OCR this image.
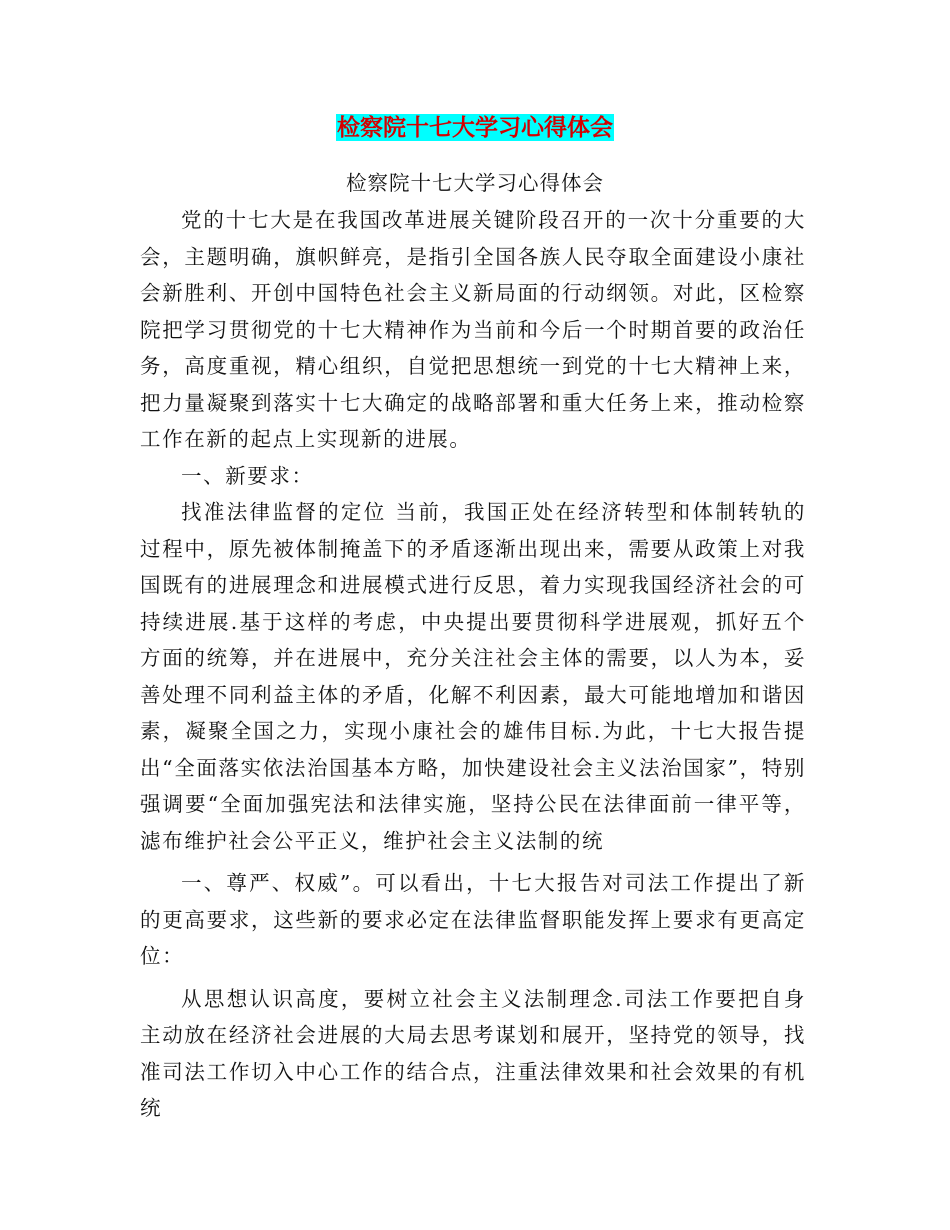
检察院十七大学习心得体会
检察院十七大学习心得体会

党的十七大是在我国改革进展关键阶段召开的一次十分重要的大会，主题明确，旗帜鲜亮，是指引全国各族人民夺取全面建设小康社会新胜利、开创中国特色社会主义新局面的行动纲领。对此，区检察院把学习贯彻党的十七大精神作为当前和今后一个时期首要的政治任务，高度重视，精心组织，自觉把思想统一到党的十七大精神上来，把力量凝聚到落实十七大确定的战略部署和重大任务上来，推动检察工作在新的起点上实现新的进展。

一、新要求：

找准法律监督的定位 当前，我国正处在经济转型和体制转轨的过程中，原先被体制掩盖下的矛盾逐渐出现出来，需要从政策上对我国既有的进展理念和进展模式进行反思，着力实现我国经济社会的可持续进展.基于这样的考虑，中央提出要贯彻科学进展观，抓好五个方面的统筹，并在进展中，充分关注社会主体的需要，以人为本，妥善处理不同利益主体的矛盾，化解不利因素，最大可能地增加和谐因素，凝聚全国之力，实现小康社会的雄伟目标.为此，十七大报告提出“全面落实依法治国基本方略，加快建设社会主义法治国家”，特别强调要“全面加强宪法和法律实施，坚持公民在法律面前一律平等，滤布维护社会公平正义，维护社会主义法制的统

一、尊严、权威”。可以看出，十七大报告对司法工作提出了新的更高要求，这些新的要求必定在法律监督职能发挥上要求有更高定位：

从思想认识高度，要树立社会主义法制理念.司法工作要把自身主动放在经济社会进展的大局去思考谋划和展开，坚持党的领导，找准司法工作切入中心工作的结合点，注重法律效果和社会效果的有机统
